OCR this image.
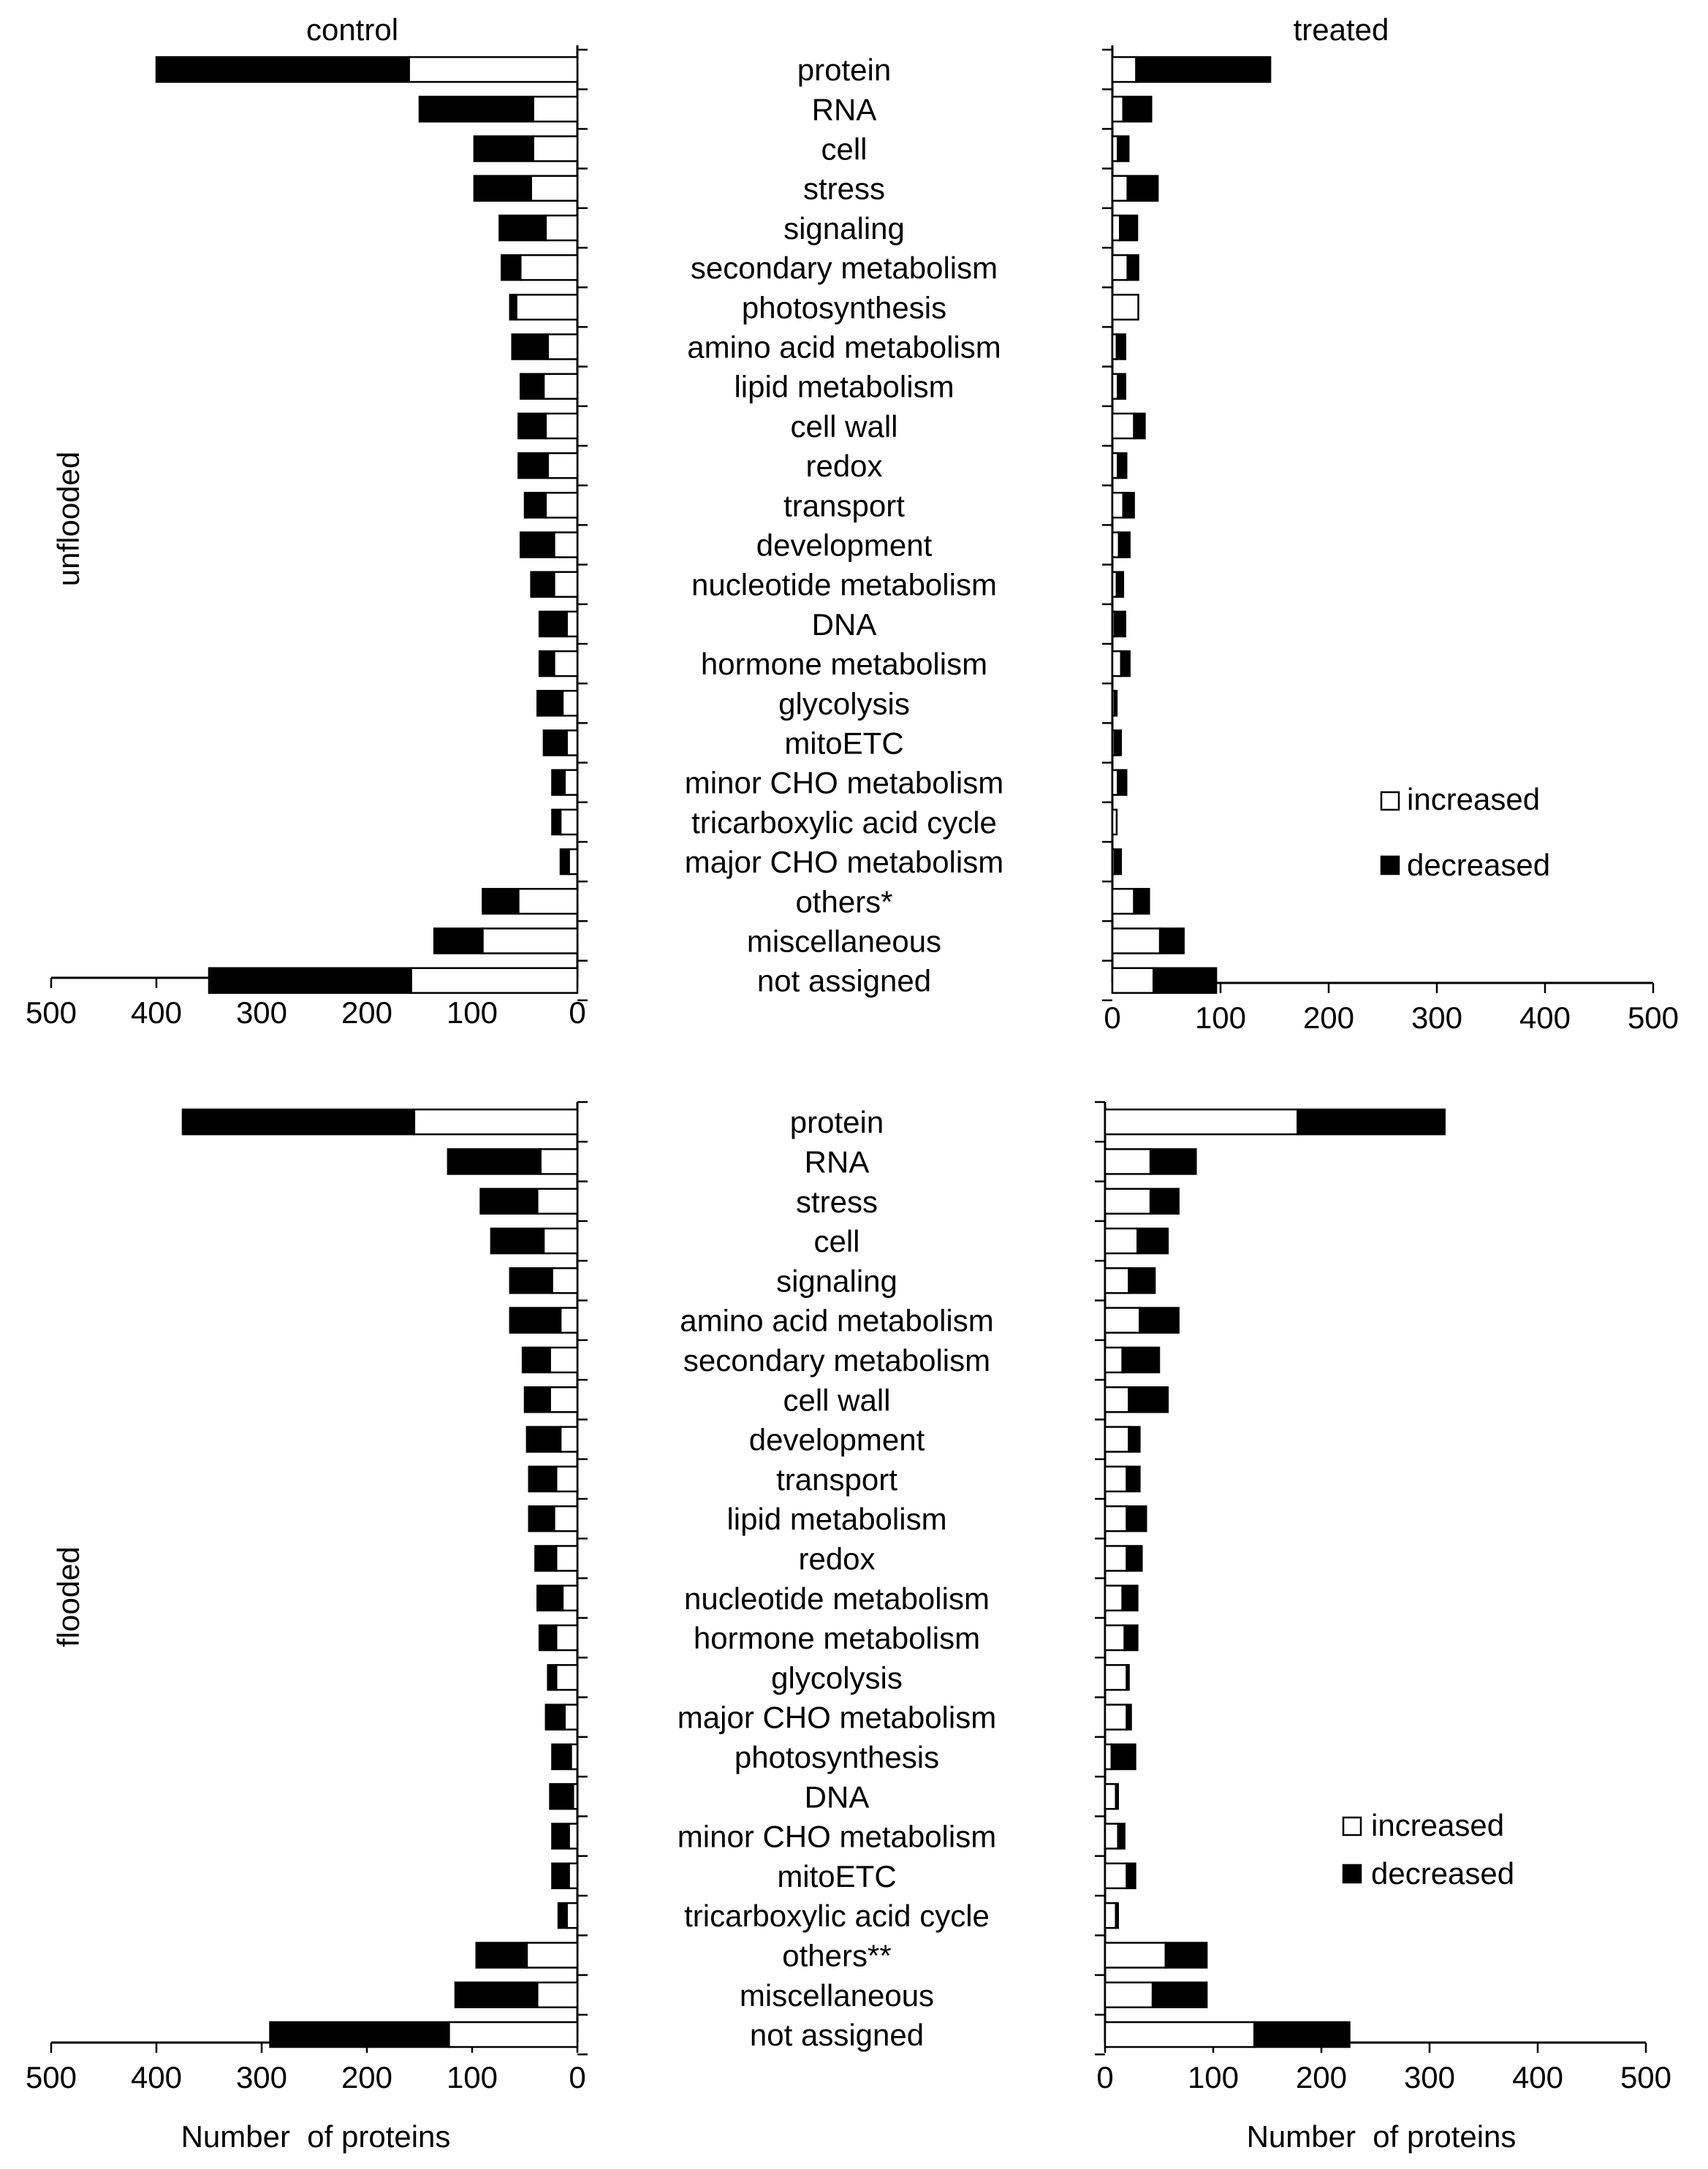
500 400 300 200 100 0	0 100 200 300 400 500
500 400 300 200 100 0	0 100 200 300 400 500
protein
RNA
cell
stress
signaling
secondary metabolism
photosynthesis
amino acid metabolism
lipid metabolism
cell wall
redox
transport
development
nucleotide metabolism
DNA
hormone metabolism
glycolysis
mitoETC
minor CHO metabolism
tricarboxylic acid cycle
major CHO metabolism
others*
miscellaneous
not assigned
protein
RNA
stress
cell
signaling
amino acid metabolism
secondary metabolism
cell wall
development
transport
lipid metabolism
redox
nucleotide metabolism
hormone metabolism
glycolysis
major CHO metabolism
photosynthesis
DNA
minor CHO metabolism
mitoETC
tricarboxylic acid cycle
others**
miscellaneous
not assigned
control	treated
unflooded
flooded
Number  of proteins	Number  of proteins
increased
decreased
increased
decreased
